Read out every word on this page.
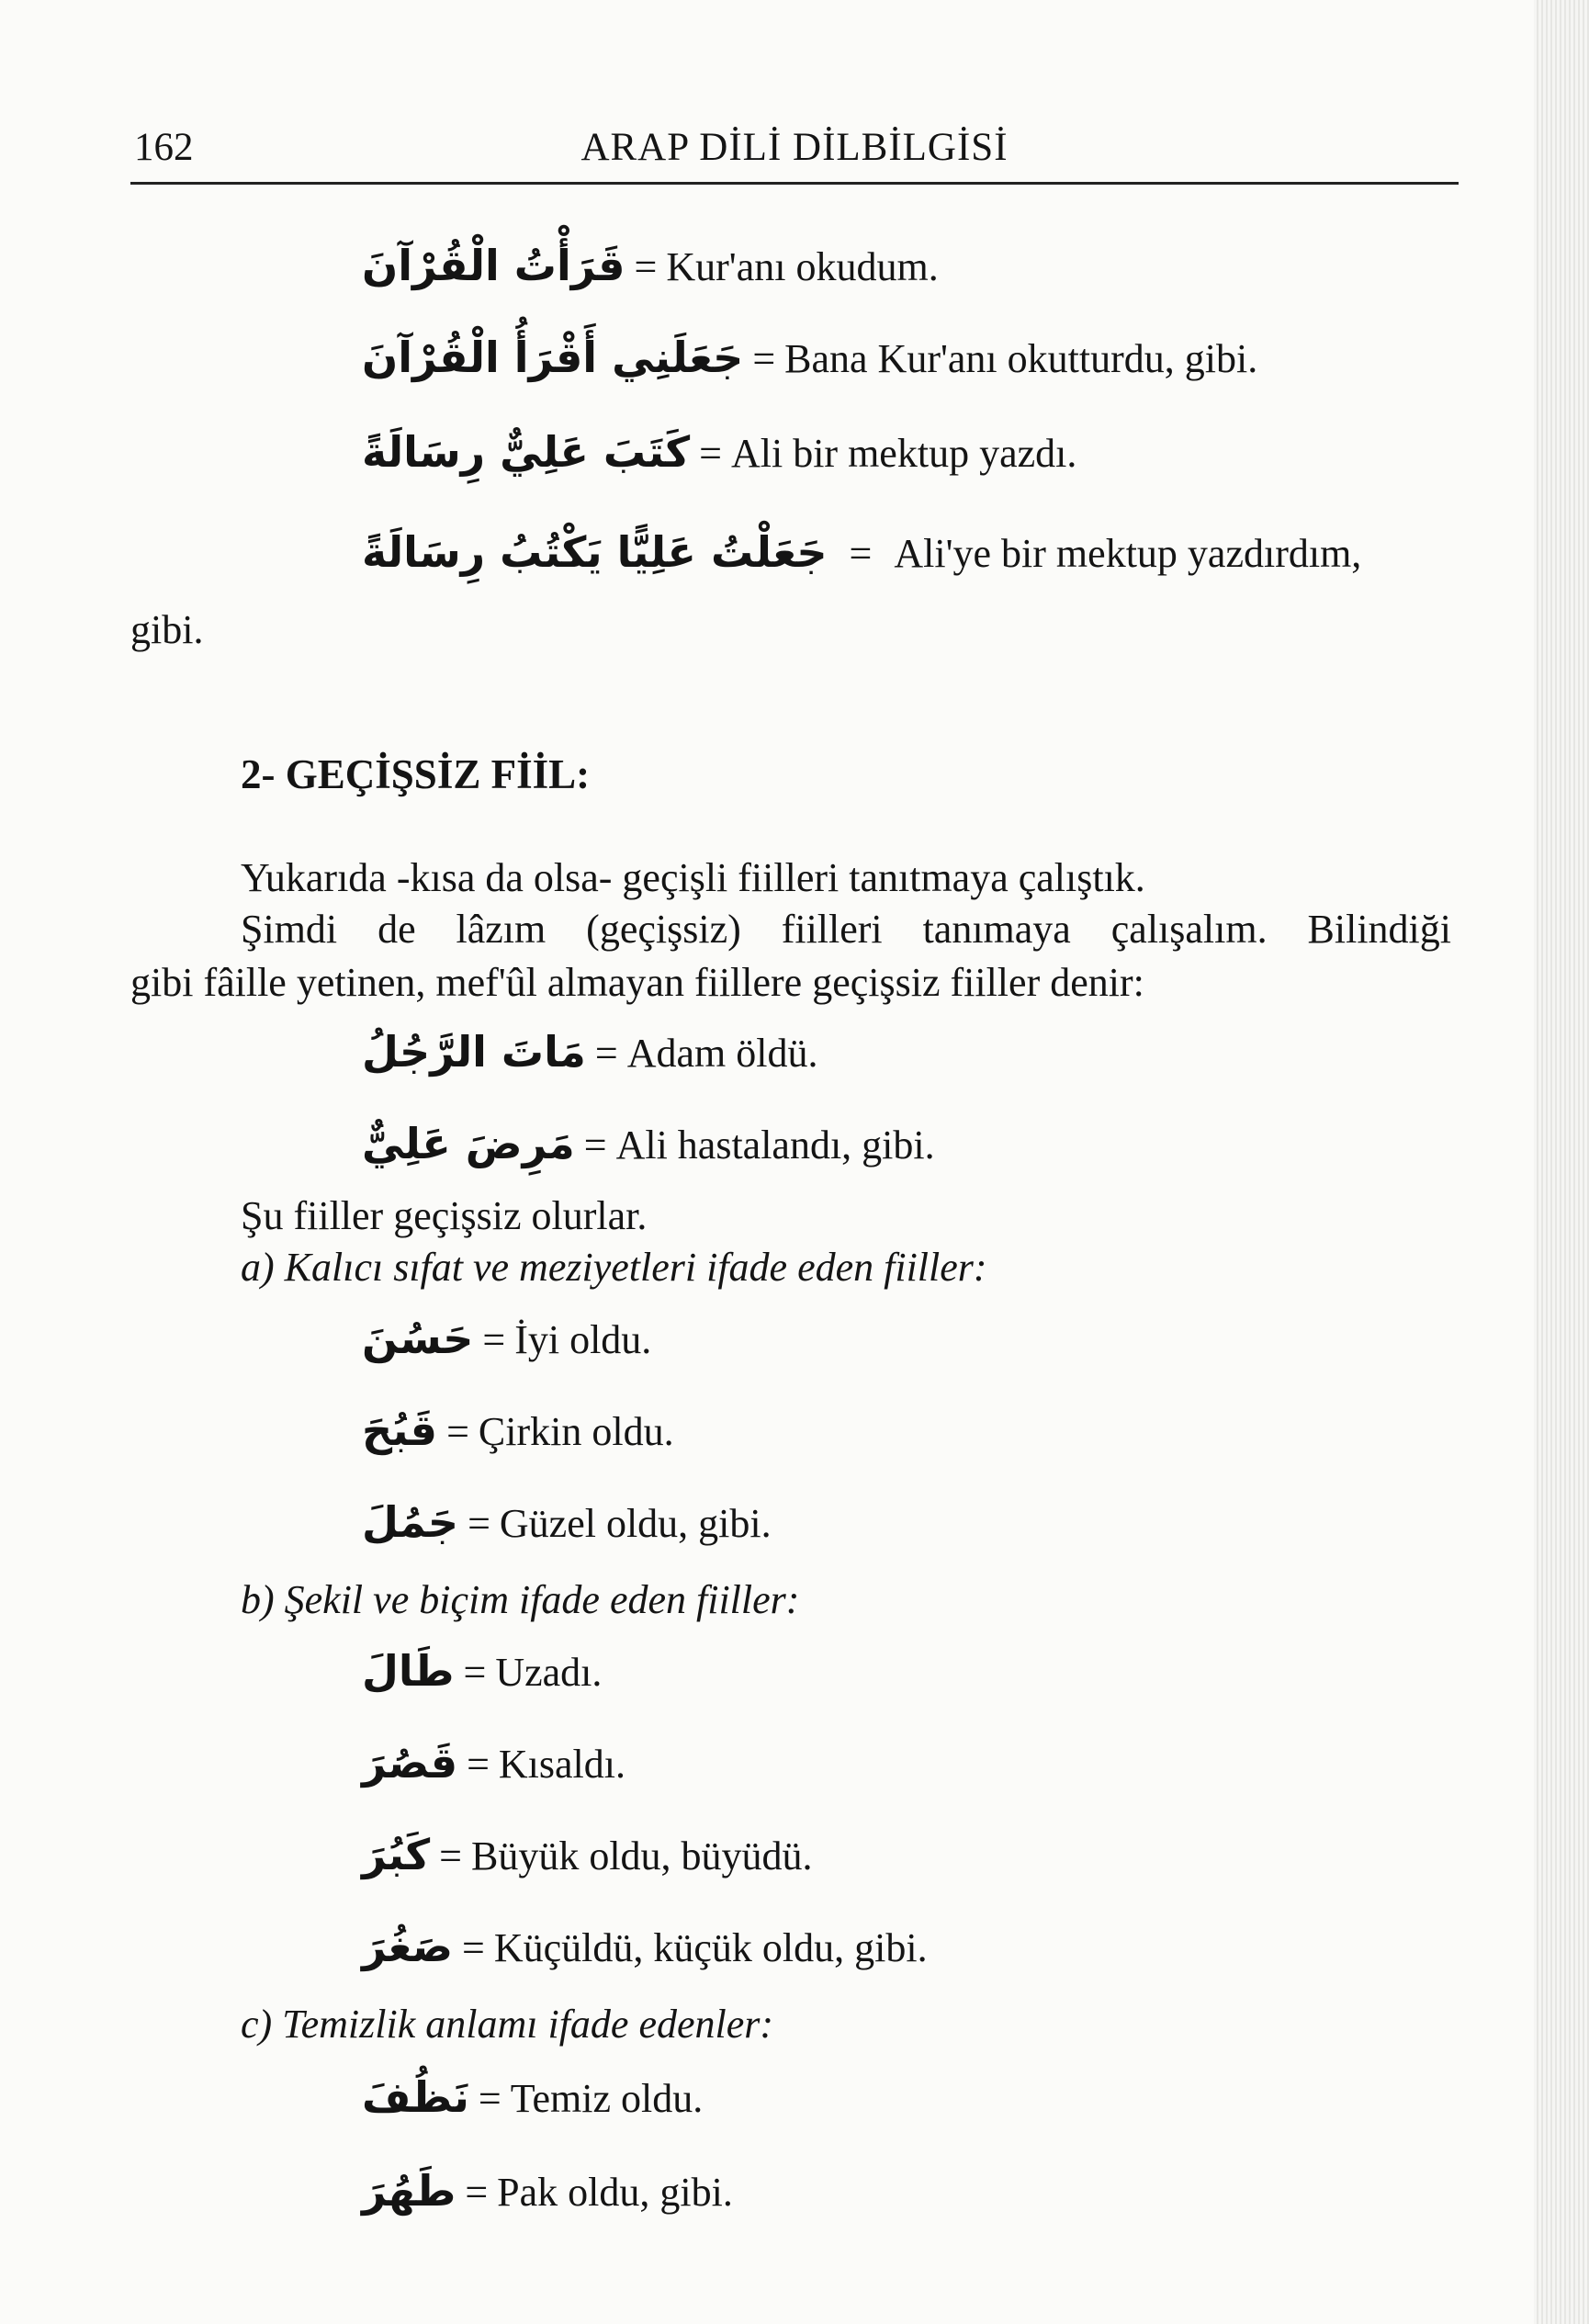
162	ARAP DİLİ DİLBİLGİSİ
قَرَأْتُ الْقُرْآنَ = Kur'anı okudum.
جَعَلَنِي أَقْرَأُ الْقُرْآنَ = Bana Kur'anı okutturdu, gibi.
كَتَبَ عَلِيٌّ رِسَالَةً = Ali bir mektup yazdı.
جَعَلْتُ عَلِيًّا يَكْتُبُ رِسَالَةً = Ali'ye bir mektup yazdırdım,
gibi.
2- GEÇİŞSİZ FİİL:
Yukarıda -kısa da olsa- geçişli fiilleri tanıtmaya çalıştık.
Şimdi de lâzım (geçişsiz) fiilleri tanımaya çalışalım. Bilindiği
gibi fâille yetinen, mef'ûl almayan fiillere geçişsiz fiiller denir:
مَاتَ الرَّجُلُ = Adam öldü.
مَرِضَ عَلِيٌّ = Ali hastalandı, gibi.
Şu fiiller geçişsiz olurlar.
a) Kalıcı sıfat ve meziyetleri ifade eden fiiller:
حَسُنَ = İyi oldu.
قَبُحَ = Çirkin oldu.
جَمُلَ = Güzel oldu, gibi.
b) Şekil ve biçim ifade eden fiiller:
طَالَ = Uzadı.
قَصُرَ = Kısaldı.
كَبُرَ = Büyük oldu, büyüdü.
صَغُرَ = Küçüldü, küçük oldu, gibi.
c) Temizlik anlamı ifade edenler:
نَظُفَ = Temiz oldu.
طَهُرَ = Pak oldu, gibi.
